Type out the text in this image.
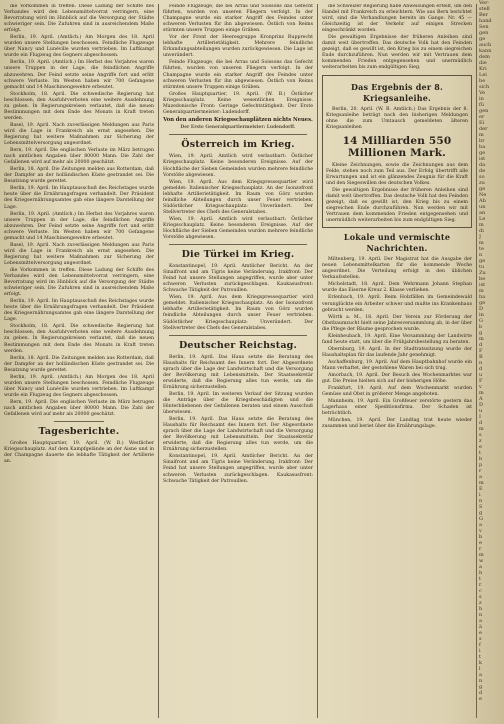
die Vorkommen in treffen. Diese Ladung der Schiffe des Verbandes wird den Lebensmittelvorrat verringern, eine Bevorratung wird im Hinblick auf die Versorgung der Städte schwieriger sein. Die Zufuhren sind in ausreichendem Maße erfolgt.

Berlin, 19. April. (Amtlich.) Am Morgen des 18. April wurden unsere Stellungen beschossen. Feindliche Flugzeuge über Nancy und Lunéville wurden vertrieben. Im Luftkampf wurde ein Flugzeug des Gegners abgeschossen.

Berlin, 19. April. (Amtlich.) Im Herbst des Vorjahres waren unsere Truppen in der Lage, die feindlichen Angriffe abzuwehren. Der Feind setzte seine Angriffe fort und erlitt schwere Verluste. Im Westen haben wir 700 Gefangene gemacht und 14 Maschinengewehre erbeutet.

Stockholm, 18. April. Die schwedische Regierung hat beschlossen, den Ausfuhrverboten eine weitere Ausdehnung zu geben. In Regierungskreisen verlautet, daß die neuen Bestimmungen mit dem Ende des Monats in Kraft treten werden.

Basel, 19. April. Nach zuverlässigen Meldungen aus Paris wird die Lage in Frankreich als ernst angesehen. Die Regierung hat weitere Maßnahmen zur Sicherung der Lebensmittelversorgung angeordnet.

Bern, 19. April. Die englischen Verluste im März betrugen nach amtlichen Angaben über 80000 Mann. Die Zahl der Gefallenen wird auf mehr als 20000 geschätzt.

Berlin, 18. April. Die Zeitungen melden aus Rotterdam, daß der Dampfer an der holländischen Küste gestrandet sei. Die Besatzung wurde gerettet.

Berlin, 19. April. Im Hauptausschuß des Reichstages wurde heute über die Ernährungsfragen verhandelt. Der Präsident des Kriegsernährungsamtes gab eine längere Darstellung der Lage.

Berlin, 19. April. (Amtlich.) Im Herbst des Vorjahres waren unsere Truppen in der Lage, die feindlichen Angriffe abzuwehren. Der Feind setzte seine Angriffe fort und erlitt schwere Verluste. Im Westen haben wir 700 Gefangene gemacht und 14 Maschinengewehre erbeutet.

Basel, 19. April. Nach zuverlässigen Meldungen aus Paris wird die Lage in Frankreich als ernst angesehen. Die Regierung hat weitere Maßnahmen zur Sicherung der Lebensmittelversorgung angeordnet.

die Vorkommen in treffen. Diese Ladung der Schiffe des Verbandes wird den Lebensmittelvorrat verringern, eine Bevorratung wird im Hinblick auf die Versorgung der Städte schwieriger sein. Die Zufuhren sind in ausreichendem Maße erfolgt.

Berlin, 19. April. Im Hauptausschuß des Reichstages wurde heute über die Ernährungsfragen verhandelt. Der Präsident des Kriegsernährungsamtes gab eine längere Darstellung der Lage.

Stockholm, 18. April. Die schwedische Regierung hat beschlossen, den Ausfuhrverboten eine weitere Ausdehnung zu geben. In Regierungskreisen verlautet, daß die neuen Bestimmungen mit dem Ende des Monats in Kraft treten werden.

Berlin, 18. April. Die Zeitungen melden aus Rotterdam, daß der Dampfer an der holländischen Küste gestrandet sei. Die Besatzung wurde gerettet.

Berlin, 19. April. (Amtlich.) Am Morgen des 18. April wurden unsere Stellungen beschossen. Feindliche Flugzeuge über Nancy und Lunéville wurden vertrieben. Im Luftkampf wurde ein Flugzeug des Gegners abgeschossen.

Bern, 19. April. Die englischen Verluste im März betrugen nach amtlichen Angaben über 80000 Mann. Die Zahl der Gefallenen wird auf mehr als 20000 geschätzt.

Tagesberichte.

Großes Hauptquartier, 19. April. (W. B.) Westlicher Kriegsschauplatz. Auf dem Kampfgelände an der Aisne und in der Champagne dauerte die lebhafte Tätigkeit der Artillerie an.

Feinde Flugzeuge, die bei Arras und Soissons das Gefecht führten, wurden von unseren Fliegern verfolgt. In der Champagne wurde ein starker Angriff des Feindes unter schweren Verlusten für ihn abgewiesen. Östlich von Reims stürmten unsere Truppen einige Gräben.

Vor der Front der Heeresgruppe Kronprinz Rupprecht lebhafte Artillerietätigkeit. Mehrere feindliche Erkundungsabteilungen wurden zurückgewiesen. Die Lage ist unverändert.

Feinde Flugzeuge, die bei Arras und Soissons das Gefecht führten, wurden von unseren Fliegern verfolgt. In der Champagne wurde ein starker Angriff des Feindes unter schweren Verlusten für ihn abgewiesen. Östlich von Reims stürmten unsere Truppen einige Gräben.

Großes Hauptquartier, 19. April. (W. B.) Östlicher Kriegsschauplatz. Keine wesentlichen Ereignisse. Mazedonische Front: Geringe Gefechtstätigkeit. Der Erste Generalquartiermeister: Ludendorff.

Von den anderen Kriegsschauplätzen nichts Neues.
Der Erste Generalquartiermeister: Ludendorff.
Österreich im Krieg.

Wien, 19. April. Amtlich wird verlautbart: Östlicher Kriegsschauplatz. Keine besonderen Ereignisse. Auf der Hochfläche der Sieben Gemeinden wurden mehrere feindliche Vorstöße abgewiesen.

Wien, 19. April. Aus dem Kriegspressequartier wird gemeldet: Italienischer Kriegsschauplatz. An der Isonzofront lebhafte Artillerietätigkeit. Im Raum von Görz wurden feindliche Abteilungen durch unser Feuer vertrieben. Südöstlicher Kriegsschauplatz: Unverändert. Der Stellvertreter des Chefs des Generalstabes.

Wien, 19. April. Amtlich wird verlautbart: Östlicher Kriegsschauplatz. Keine besonderen Ereignisse. Auf der Hochfläche der Sieben Gemeinden wurden mehrere feindliche Vorstöße abgewiesen.

Die Türkei im Krieg.

Konstantinopel, 19. April. Amtlicher Bericht. An der Sinaifront und am Tigris keine Veränderung. Irakfront: Der Feind hat unsere Stellungen angegriffen, wurde aber unter schweren Verlusten zurückgeschlagen. Kaukasusfront: Schwache Tätigkeit der Patrouillen.

Wien, 19. April. Aus dem Kriegspressequartier wird gemeldet: Italienischer Kriegsschauplatz. An der Isonzofront lebhafte Artillerietätigkeit. Im Raum von Görz wurden feindliche Abteilungen durch unser Feuer vertrieben. Südöstlicher Kriegsschauplatz: Unverändert. Der Stellvertreter des Chefs des Generalstabes.

Deutscher Reichstag.

Berlin, 19. April. Das Haus setzte die Beratung des Haushalts für Reichsamt des Innern fort. Der Abgeordnete sprach über die Lage der Landwirtschaft und die Versorgung der Bevölkerung mit Lebensmitteln. Der Staatssekretär erwiderte, daß die Regierung alles tun werde, um die Ernährung sicherzustellen.

Berlin, 19. April. Im weiteren Verlauf der Sitzung wurden die Anträge über die Kriegsbeschädigten und die Hinterbliebenen der Gefallenen beraten und einem Ausschuß überwiesen.

Berlin, 19. April. Das Haus setzte die Beratung des Haushalts für Reichsamt des Innern fort. Der Abgeordnete sprach über die Lage der Landwirtschaft und die Versorgung der Bevölkerung mit Lebensmitteln. Der Staatssekretär erwiderte, daß die Regierung alles tun werde, um die Ernährung sicherzustellen.

Konstantinopel, 19. April. Amtlicher Bericht. An der Sinaifront und am Tigris keine Veränderung. Irakfront: Der Feind hat unsere Stellungen angegriffen, wurde aber unter schweren Verlusten zurückgeschlagen. Kaukasusfront: Schwache Tätigkeit der Patrouillen.

die Schweizer Regierung habe Anweisungen erteilt, um den Handel mit Frankreich zu erleichtern. Wie aus Bern berichtet wird, sind die Verhandlungen bereits im Gange. Nr. 45 — Gleichzeitig ist der Verkehr auf einigen Strecken eingeschränkt worden.

Die gewaltigen Ergebnisse der früheren Anleihen sind damit weit übertroffen. Das deutsche Volk hat den Feinden gezeigt, daß es gewillt ist, den Krieg bis zu einem siegreichen Ende durchzuführen. Nun werden wir mit Vertrauen dem kommenden Frieden entgegensehen und unermüdlich weiterarbeiten bis zum endgültigen Sieg.

Das Ergebnis der 8. Kriegsanleihe.

Berlin, 20. April. (W. B. Amtlich.) Das Ergebnis der 8. Kriegsanleihe beträgt nach den bisherigen Meldungen ohne die zum Umtausch gemeldeten älteren Kriegsanleihen

14 Milliarden 550 Millionen Mark.

Kleine Zeichnungen, sowie die Zeichnungen aus dem Felde, stehen noch zum Teil aus. Der Erfolg übertrifft alle Erwartungen und ist ein glänzendes Zeugnis für die Kraft und den Siegeswillen des deutschen Volkes.

Die gewaltigen Ergebnisse der früheren Anleihen sind damit weit übertroffen. Das deutsche Volk hat den Feinden gezeigt, daß es gewillt ist, den Krieg bis zu einem siegreichen Ende durchzuführen. Nun werden wir mit Vertrauen dem kommenden Frieden entgegensehen und unermüdlich weiterarbeiten bis zum endgültigen Sieg.

Lokale und vermischte Nachrichten.

Miltenberg, 19. April. Der Magistrat hat die Ausgabe der neuen Lebensmittelkarten für die kommende Woche angeordnet. Die Verteilung erfolgt in den üblichen Verkaufsstellen.

Michelstadt, 18. April. Dem Wehrmann Johann Stephan wurde das Eiserne Kreuz 2. Klasse verliehen.

Erlenbach, 19. April. Beim Holzfällen im Gemeindewald verunglückte ein Arbeiter schwer und mußte ins Krankenhaus gebracht werden.

Wörth a. M., 18. April. Der Verein zur Förderung der Obstbaumzucht hielt seine Jahresversammlung ab, in der über die Pflege der Bäume gesprochen wurde.

Kleinheubach, 19. April. Eine Versammlung der Landwirte fand heute statt, um über die Frühjahrsbestellung zu beraten.

Obernburg, 19. April. In der Stadtratssitzung wurde der Haushaltsplan für das laufende Jahr genehmigt.

Aschaffenburg, 19. April. Auf dem Hauptbahnhof wurde ein Mann verhaftet, der gestohlene Waren bei sich trug.

Amorbach, 19. April. Der Besuch des Wochenmarktes war gut. Die Preise hielten sich auf der bisherigen Höhe.

Frankfurt, 19. April. Auf dem Wochenmarkt wurden Gemüse und Obst in größerer Menge angeboten.

Mannheim, 19. April. Ein Großfeuer zerstörte gestern das Lagerhaus einer Speditionsfirma. Der Schaden ist beträchtlich.

München, 19. April. Der Landtag trat heute wieder zusammen und beriet über die Ernährungslage.

Ver-
stell
Ber
hand
Sen
gen
ge
auch
kann
dem
die
Kri
Lei
be
sich
Ve
in
fü
gen
er
Ei
der
m
br
ba
ge
ist
da
de
so
zu
ge
Ne
Ab
un
an
Le
m
di
J
m
te
n
ge
tu
Zu
be
ist
m
ha
ge
D
in
G
b
g
m
d
F
B
n
d
u
F
v
m
A
D
u
I
d
m
s
z
e
t
b
p
r
a
m
E
i
n
S
g
G
a
v
b
e
r
m
w
a
h
t
r
c
s
z
h
n
a
ä
e
s
f
i
t
k
l
a
n
g
d
e
